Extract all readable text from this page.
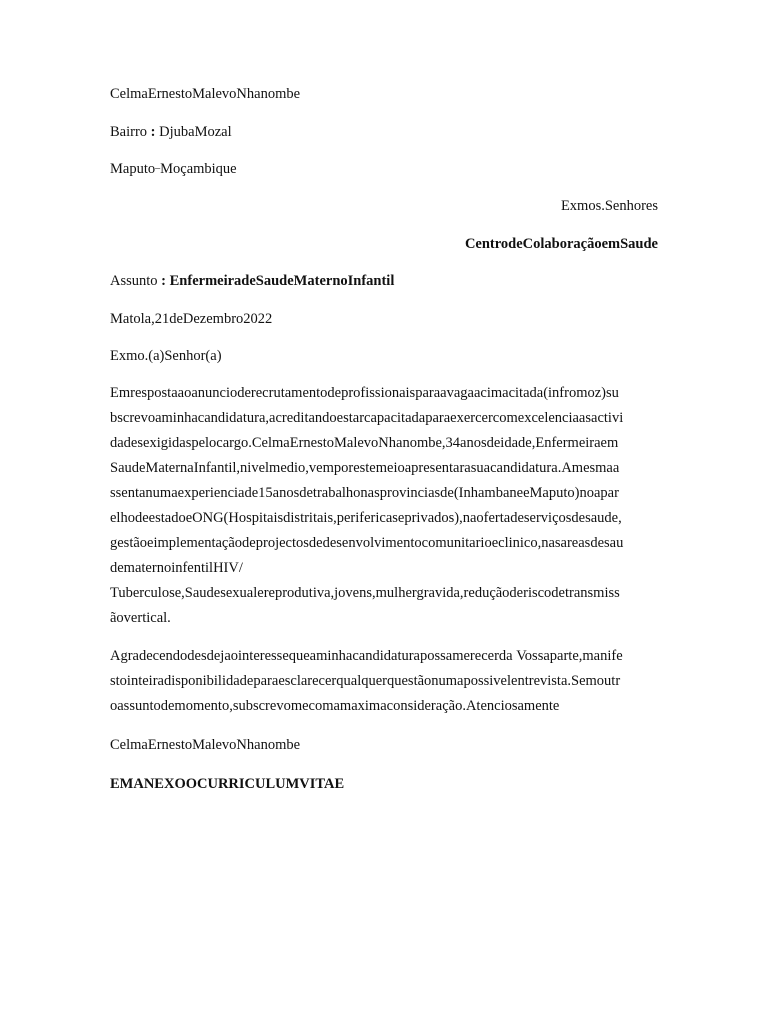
CelmaErnestoMalevoNhanombe
Bairro : DjubaMozal
Maputo–Moçambique
Exmos.Senhores
CentrodeColaboraçãoemSaude
Assunto : EnfermeiradeSaudeMaternoInfantil
Matola,21deDezembro2022
Exmo.(a)Senhor(a)
Emrespostaaoanuncioderecrutamentodeprofissionaisparaavagaacimacitada(infromoz)su
bscrevoaminhacandidatura,acreditandoestarcapacitadaparaexercercomexcelenciaasactivi
dadesexigidaspelocargo.CelmaErnestoMalevoNhanombe,34anosdeidade,Enfermeiraem
SaudeMaternaInfantil,nivelmedio,vemporestemeioapresentarasuacandidatura.Amesmaa
ssentanumaexperienciade15anosdetrabalhonasprovinciasde(InhambaneeMaputo)noapar
elhodeestadoeONG(Hospitaisdistritais,perifericaseprivados),naofertadeserviçosdesaude,
gestãoeimplementaçãodeprojectosdedesenvolvimentocomunitarioeclinico,nasareasdesau
dematernoinfentilHIV/
Tuberculose,Saudesexualereprodutiva,jovens,mulhergravida,reduçãoderiscodetransmiss
ãovertical.
Agradecendodesdejaointeressequeaminhacandidaturapossamerecerda Vossaparte,manife
stointeiradisponibilidadeparaesclarecerqualquerquestãonumapossivelentrevista.Semoutr
oassuntodemomento,subscrevomecomamaximaconsideração.Atenciosamente
CelmaErnestoMalevoNhanombe
EMANEXOOCURRICULUMVITAE
